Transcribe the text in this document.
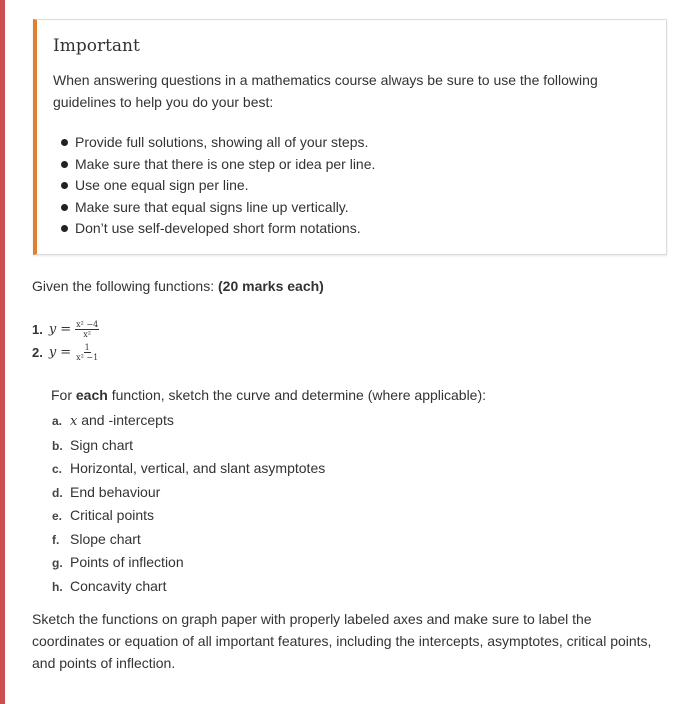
Important

When answering questions in a mathematics course always be sure to use the following guidelines to help you do your best:

Provide full solutions, showing all of your steps.
Make sure that there is one step or idea per line.
Use one equal sign per line.
Make sure that equal signs line up vertically.
Don’t use self-developed short form notations.

Given the following functions: (20 marks each)

1. $y = \frac{\text{x² −4}}{\text{x²}}$
2. $y = \frac{1}{\text{x² −1}}$

For each function, sketch the curve and determine (where applicable):

a. x and -intercepts
b. Sign chart
c. Horizontal, vertical, and slant asymptotes
d. End behaviour
e. Critical points
f. Slope chart
g. Points of inflection
h. Concavity chart

Sketch the functions on graph paper with properly labeled axes and make sure to label the coordinates or equation of all important features, including the intercepts, asymptotes, critical points, and points of inflection.
